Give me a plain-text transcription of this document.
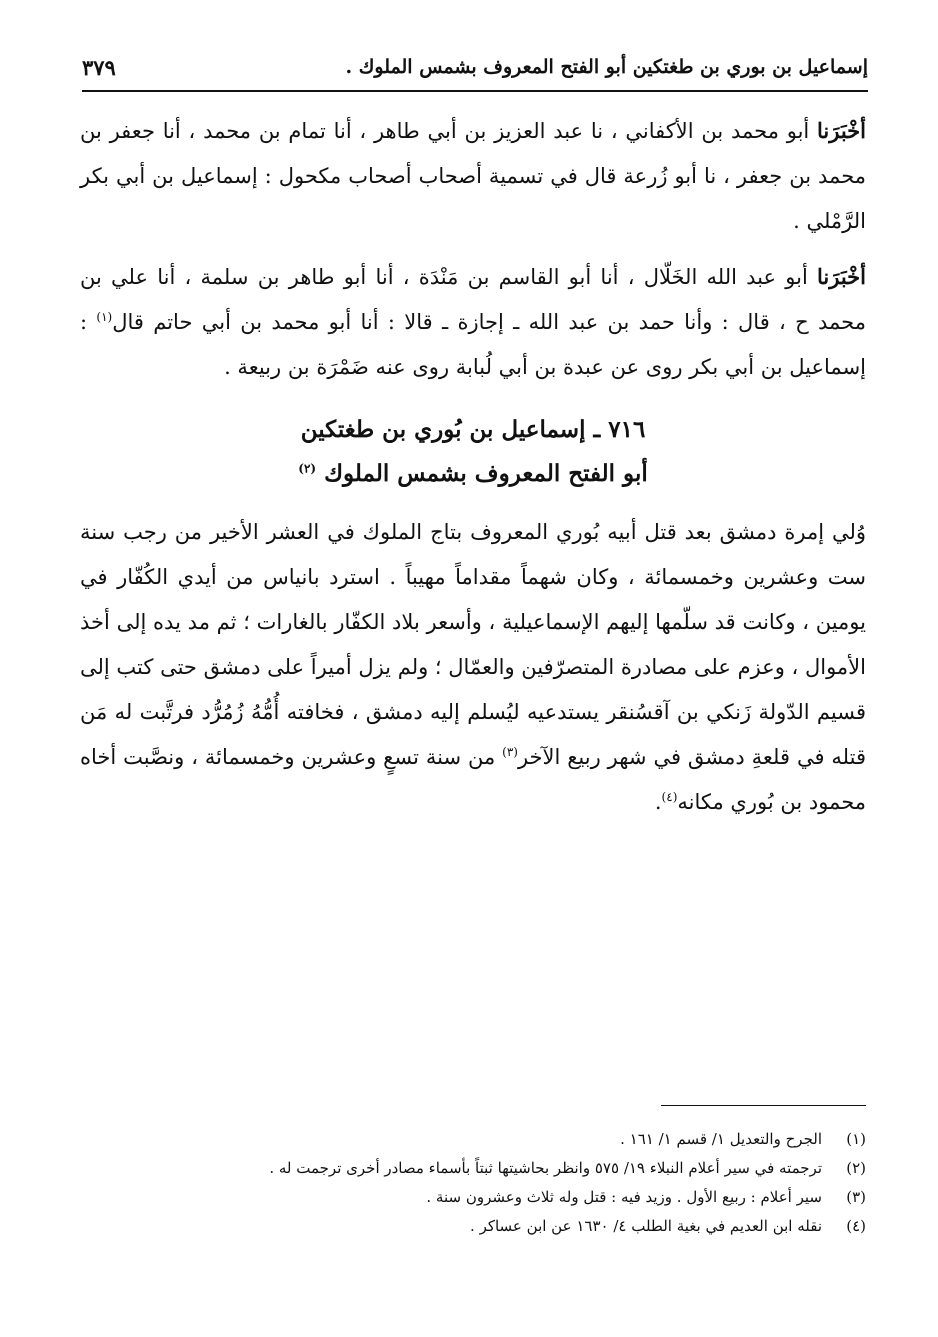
٣٧٩	إسماعيل بن بوري بن طغتكين أبو الفتح المعروف بشمس الملوك .

أخْبَرَنا أبو محمد بن الأكفاني ، نا عبد العزيز بن أبي طاهر ، أنا تمام بن محمد ، أنا جعفر بن محمد بن جعفر ، نا أبو زُرعة قال في تسمية أصحاب أصحاب مكحول : إسماعيل بن أبي بكر الرَّمْلي .

أخْبَرَنا أبو عبد الله الخَلّال ، أنا أبو القاسم بن مَنْدَة ، أنا أبو طاهر بن سلمة ، أنا علي بن محمد ح ، قال : وأنا حمد بن عبد الله ـ إجازة ـ قالا : أنا أبو محمد بن أبي حاتم قال$^{(١)}$ : إسماعيل بن أبي بكر روى عن عبدة بن أبي لُبابة روى عنه ضَمْرَة بن ربيعة .

٧١٦ ـ إسماعيل بن بُوري بن طغتكين
أبو الفتح المعروف بشمس الملوك $^{(٢)}$

وُلي إمرة دمشق بعد قتل أبيه بُوري المعروف بتاج الملوك في العشر الأخير من رجب سنة ست وعشرين وخمسمائة ، وكان شهماً مقداماً مهيباً . استرد بانياس من أيدي الكُفّار في يومين ، وكانت قد سلّمها إليهم الإسماعيلية ، وأسعر بلاد الكفّار بالغارات ؛ ثم مد يده إلى أخذ الأموال ، وعزم على مصادرة المتصرّفين والعمّال ؛ ولم يزل أميراً على دمشق حتى كتب إلى قسيم الدّولة زَنكي بن آقسُنقر يستدعيه ليُسلم إليه دمشق ، فخافته أُمُّهُ زُمُرُّد فرتَّبت له مَن قتله في قلعةِ دمشق في شهر ربيع الآخر$^{(٣)}$ من سنة تسعٍ وعشرين وخمسمائة ، ونصَّبت أخاه محمود بن بُوري مكانه$^{(٤)}$.

(١)
الجرح والتعديل ١/ قسم ١/ ١٦١ .
(٢)
ترجمته في سير أعلام النبلاء ١٩/ ٥٧٥ وانظر بحاشيتها ثبتاً بأسماء مصادر أخرى ترجمت له .
(٣)
سير أعلام : ربيع الأول . وزيد فيه : قتل وله ثلاث وعشرون سنة .
(٤)
نقله ابن العديم في بغية الطلب ٤/ ١٦٣٠ عن ابن عساكر .
